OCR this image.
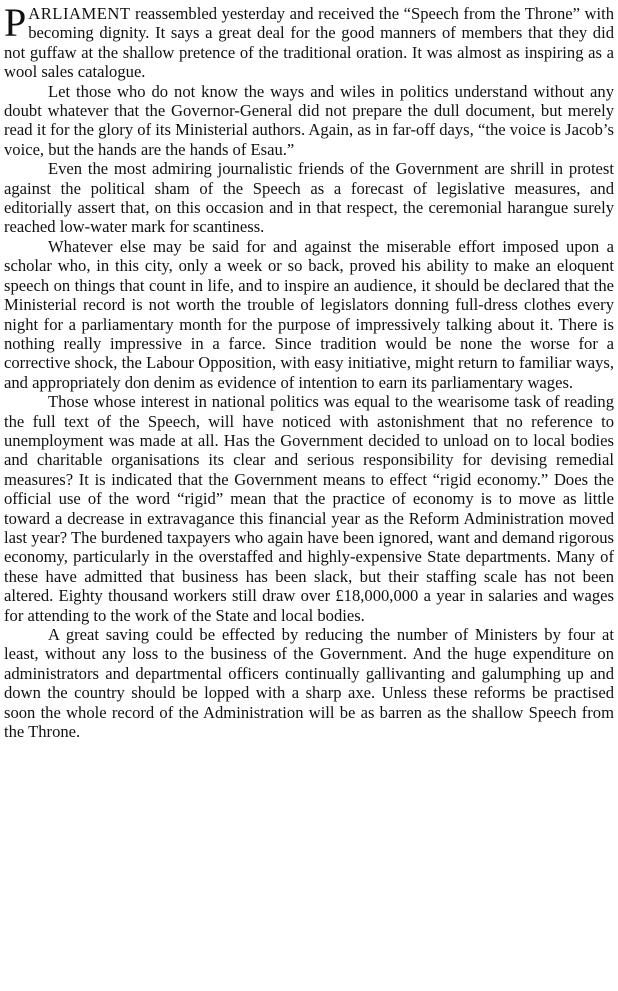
PARLIAMENT reassembled yesterday and received the “Speech from the Throne” with becoming dignity. It says a great deal for the good manners of members that they did not guffaw at the shallow pretence of the traditional oration. It was almost as inspiring as a wool sales catalogue.

Let those who do not know the ways and wiles in politics understand without any doubt whatever that the Governor-General did not prepare the dull document, but merely read it for the glory of its Ministerial authors. Again, as in far-off days, “the voice is Jacob’s voice, but the hands are the hands of Esau.”

Even the most admiring journalistic friends of the Government are shrill in protest against the political sham of the Speech as a forecast of legislative measures, and editorially assert that, on this occasion and in that respect, the ceremonial harangue surely reached low-water mark for scantiness.

Whatever else may be said for and against the miserable effort imposed upon a scholar who, in this city, only a week or so back, proved his ability to make an eloquent speech on things that count in life, and to inspire an audience, it should be declared that the Ministerial record is not worth the trouble of legislators donning full-dress clothes every night for a parliamentary month for the purpose of impressively talking about it. There is nothing really impressive in a farce. Since tradition would be none the worse for a corrective shock, the Labour Opposition, with easy initiative, might return to familiar ways, and appropriately don denim as evidence of intention to earn its parliamentary wages.

Those whose interest in national politics was equal to the wearisome task of reading the full text of the Speech, will have noticed with astonishment that no reference to unemployment was made at all. Has the Government decided to unload on to local bodies and charitable organisations its clear and serious responsibility for devising remedial measures? It is indicated that the Government means to effect “rigid economy.” Does the official use of the word “rigid” mean that the practice of economy is to move as little toward a decrease in extravagance this financial year as the Reform Administration moved last year? The burdened taxpayers who again have been ignored, want and demand rigorous economy, particularly in the overstaffed and highly-expensive State departments. Many of these have admitted that business has been slack, but their staffing scale has not been altered. Eighty thousand workers still draw over £18,000,000 a year in salaries and wages for attending to the work of the State and local bodies.

A great saving could be effected by reducing the number of Ministers by four at least, without any loss to the business of the Government. And the huge expenditure on administrators and departmental officers continually gallivanting and galumphing up and down the country should be lopped with a sharp axe. Unless these reforms be practised soon the whole record of the Administration will be as barren as the shallow Speech from the Throne.
